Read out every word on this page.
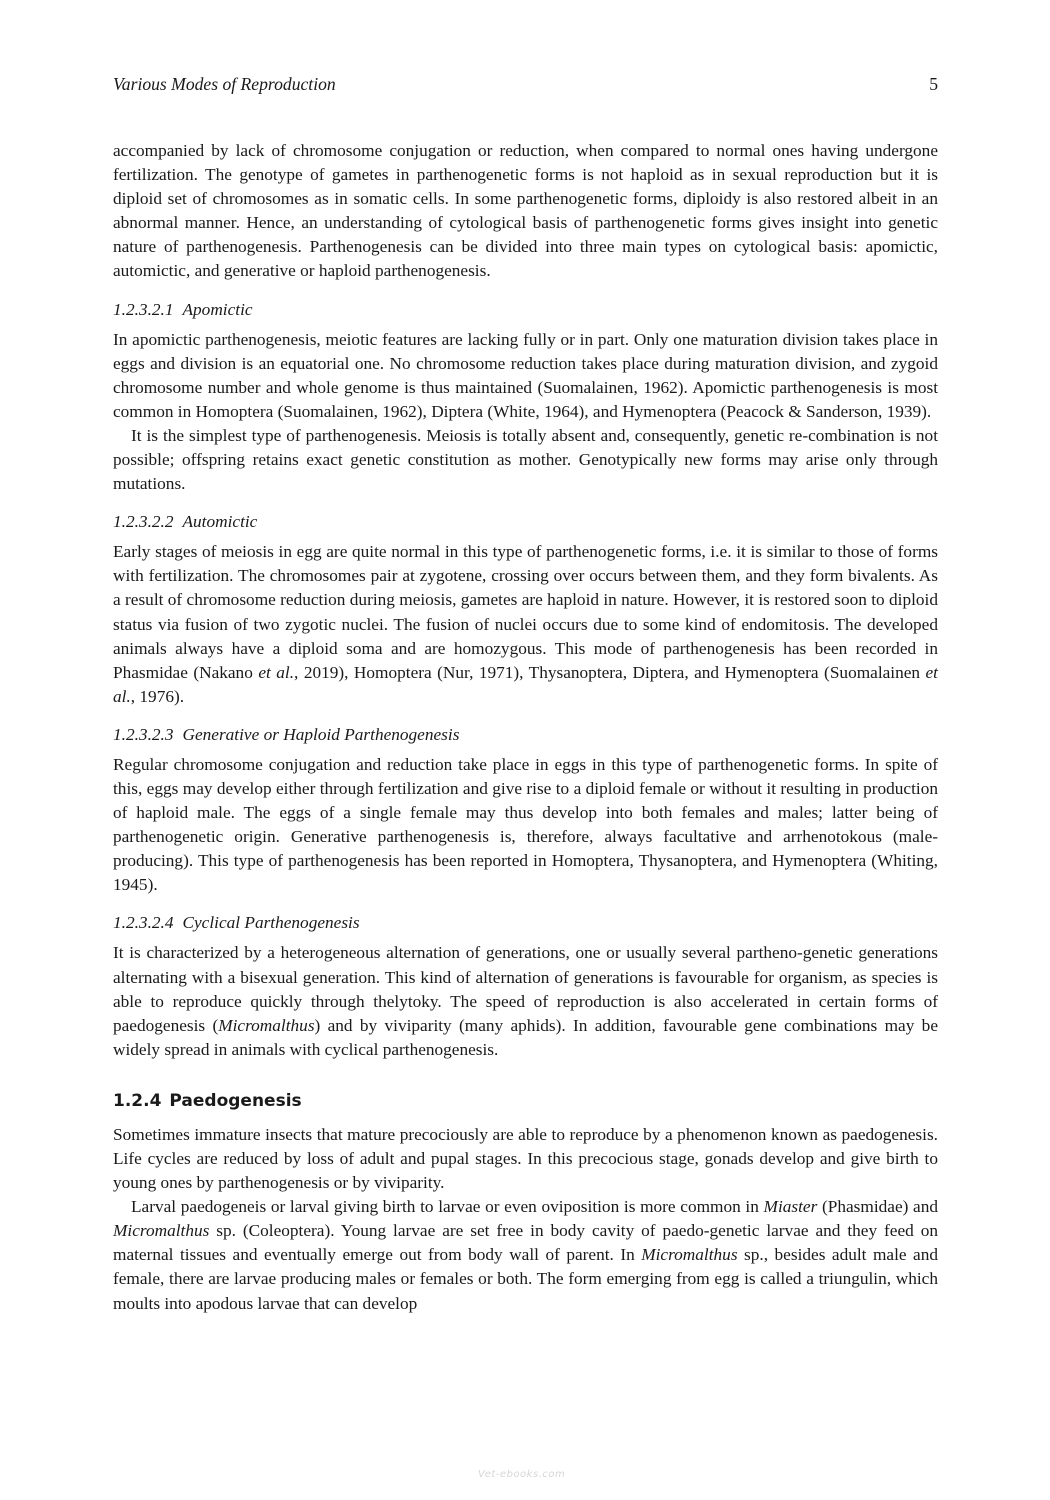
Various Modes of Reproduction	5

accompanied by lack of chromosome conjugation or reduction, when compared to normal ones having undergone fertilization. The genotype of gametes in parthenogenetic forms is not haploid as in sexual reproduction but it is diploid set of chromosomes as in somatic cells. In some parthenogenetic forms, diploidy is also restored albeit in an abnormal manner. Hence, an understanding of cytological basis of parthenogenetic forms gives insight into genetic nature of parthenogenesis. Parthenogenesis can be divided into three main types on cytological basis: apomictic, automictic, and generative or haploid parthenogenesis.

1.2.3.2.1 Apomictic

In apomictic parthenogenesis, meiotic features are lacking fully or in part. Only one maturation division takes place in eggs and division is an equatorial one. No chromosome reduction takes place during maturation division, and zygoid chromosome number and whole genome is thus maintained (Suomalainen, 1962). Apomictic parthenogenesis is most common in Homoptera (Suomalainen, 1962), Diptera (White, 1964), and Hymenoptera (Peacock & Sanderson, 1939).

It is the simplest type of parthenogenesis. Meiosis is totally absent and, consequently, genetic re-combination is not possible; offspring retains exact genetic constitution as mother. Genotypically new forms may arise only through mutations.

1.2.3.2.2 Automictic

Early stages of meiosis in egg are quite normal in this type of parthenogenetic forms, i.e. it is similar to those of forms with fertilization. The chromosomes pair at zygotene, crossing over occurs between them, and they form bivalents. As a result of chromosome reduction during meiosis, gametes are haploid in nature. However, it is restored soon to diploid status via fusion of two zygotic nuclei. The fusion of nuclei occurs due to some kind of endomitosis. The developed animals always have a diploid soma and are homozygous. This mode of parthenogenesis has been recorded in Phasmidae (Nakano et al., 2019), Homoptera (Nur, 1971), Thysanoptera, Diptera, and Hymenoptera (Suomalainen et al., 1976).

1.2.3.2.3 Generative or Haploid Parthenogenesis

Regular chromosome conjugation and reduction take place in eggs in this type of parthenogenetic forms. In spite of this, eggs may develop either through fertilization and give rise to a diploid female or without it resulting in production of haploid male. The eggs of a single female may thus develop into both females and males; latter being of parthenogenetic origin. Generative parthenogenesis is, therefore, always facultative and arrhenotokous (male-producing). This type of parthenogenesis has been reported in Homoptera, Thysanoptera, and Hymenoptera (Whiting, 1945).

1.2.3.2.4 Cyclical Parthenogenesis

It is characterized by a heterogeneous alternation of generations, one or usually several partheno-genetic generations alternating with a bisexual generation. This kind of alternation of generations is favourable for organism, as species is able to reproduce quickly through thelytoky. The speed of reproduction is also accelerated in certain forms of paedogenesis (Micromalthus) and by viviparity (many aphids). In addition, favourable gene combinations may be widely spread in animals with cyclical parthenogenesis.

1.2.4 Paedogenesis

Sometimes immature insects that mature precociously are able to reproduce by a phenomenon known as paedogenesis. Life cycles are reduced by loss of adult and pupal stages. In this precocious stage, gonads develop and give birth to young ones by parthenogenesis or by viviparity.

Larval paedogeneis or larval giving birth to larvae or even oviposition is more common in Miaster (Phasmidae) and Micromalthus sp. (Coleoptera). Young larvae are set free in body cavity of paedo-genetic larvae and they feed on maternal tissues and eventually emerge out from body wall of parent. In Micromalthus sp., besides adult male and female, there are larvae producing males or females or both. The form emerging from egg is called a triungulin, which moults into apodous larvae that can develop

Vet-ebooks.com
